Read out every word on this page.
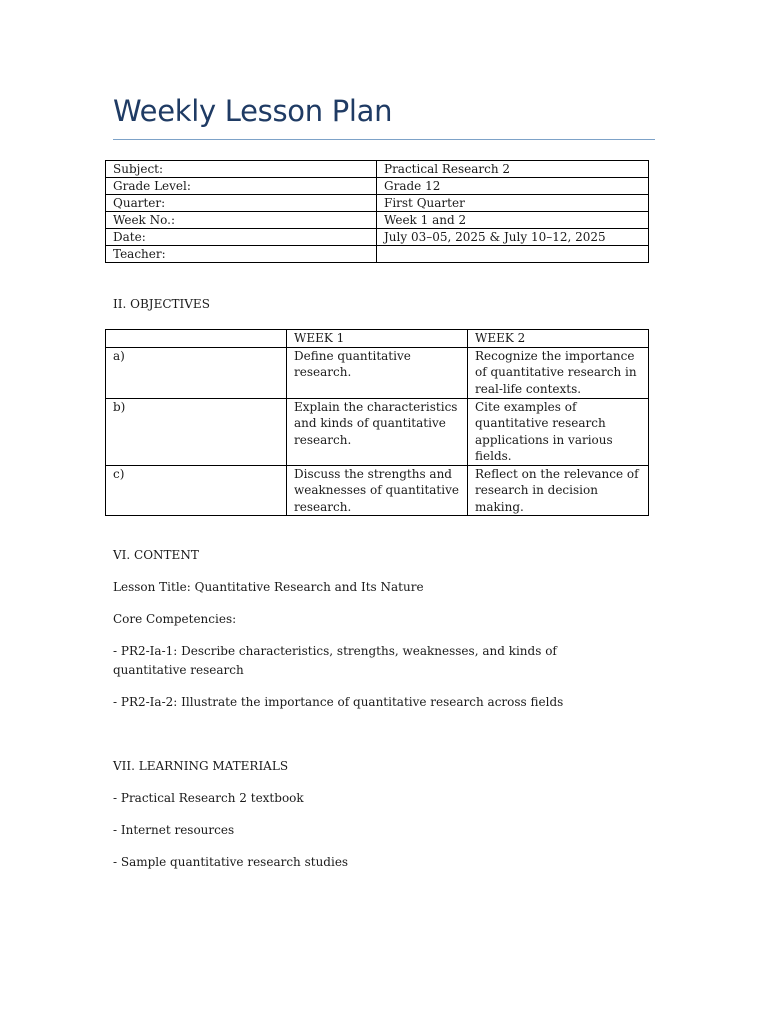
Weekly Lesson Plan
Subject:	Practical Research 2
Grade Level:	Grade 12
Quarter:	First Quarter
Week No.:	Week 1 and 2
Date:	July 03–05, 2025 & July 10–12, 2025
Teacher:	

II. OBJECTIVES

	WEEK 1	WEEK 2
a)	Define quantitative research.	Recognize the importance of quantitative research in real-life contexts.
b)	Explain the characteristics and kinds of quantitative research.	Cite examples of quantitative research applications in various fields.
c)	Discuss the strengths and weaknesses of quantitative research.	Reflect on the relevance of research in decision making.

VI. CONTENT

Lesson Title: Quantitative Research and Its Nature

Core Competencies:

- PR2-Ia-1: Describe characteristics, strengths, weaknesses, and kinds of quantitative research

- PR2-Ia-2: Illustrate the importance of quantitative research across fields

VII. LEARNING MATERIALS

- Practical Research 2 textbook

- Internet resources

- Sample quantitative research studies
